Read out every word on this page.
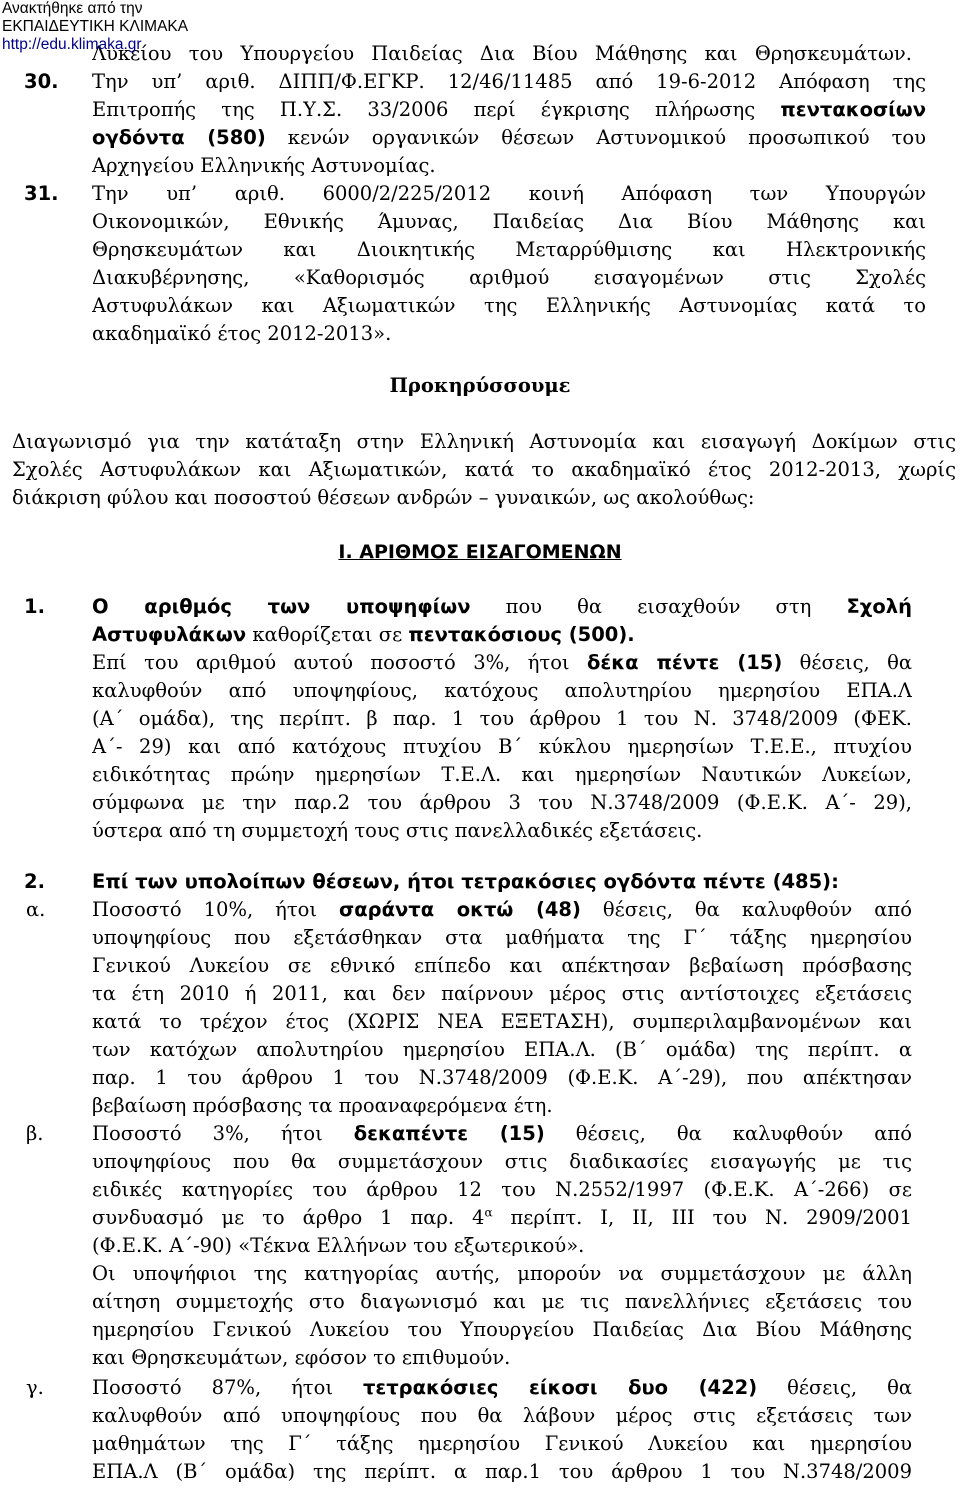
Ανακτήθηκε από την
ΕΚΠΑΙΔΕΥΤΙΚΗ ΚΛΙΜΑΚΑ
http://edu.klimaka.gr
Λυκείου του Υπουργείου Παιδείας Δια Βίου Μάθησης και Θρησκευμάτων.
30. Την υπ’ αριθ. ΔΙΠΠ/Φ.ΕΓΚΡ. 12/46/11485 από 19-6-2012 Απόφαση της
Επιτροπής της Π.Υ.Σ. 33/2006 περί έγκρισης πλήρωσης πεντακοσίων
ογδόντα (580) κενών οργανικών θέσεων Αστυνομικού προσωπικού του
Αρχηγείου Ελληνικής Αστυνομίας.
31. Την υπ’ αριθ. 6000/2/225/2012 κοινή Απόφαση των Υπουργών
Οικονομικών, Εθνικής Άμυνας, Παιδείας Δια Βίου Μάθησης και
Θρησκευμάτων και Διοικητικής Μεταρρύθμισης και Ηλεκτρονικής
Διακυβέρνησης, «Καθορισμός αριθμού εισαγομένων στις Σχολές
Αστυφυλάκων και Αξιωματικών της Ελληνικής Αστυνομίας κατά το
ακαδημαϊκό έτος 2012-2013».
Προκηρύσσουμε
Διαγωνισμό για την κατάταξη στην Ελληνική Αστυνομία και εισαγωγή Δοκίμων στις
Σχολές Αστυφυλάκων και Αξιωματικών, κατά το ακαδημαϊκό έτος 2012-2013, χωρίς
διάκριση φύλου και ποσοστού θέσεων ανδρών – γυναικών, ως ακολούθως:
Ι. ΑΡΙΘΜΟΣ ΕΙΣΑΓΟΜΕΝΩΝ
1. Ο αριθμός των υποψηφίων που θα εισαχθούν στη Σχολή
Αστυφυλάκων καθορίζεται σε πεντακόσιους (500).
Επί του αριθμού αυτού ποσοστό 3%, ήτοι δέκα πέντε (15) θέσεις, θα
καλυφθούν από υποψηφίους, κατόχους απολυτηρίου ημερησίου ΕΠΑ.Λ
(Α΄ ομάδα), της περίπτ. β παρ. 1 του άρθρου 1 του Ν. 3748/2009 (ΦΕΚ.
Α΄- 29) και από κατόχους πτυχίου Β΄ κύκλου ημερησίων Τ.Ε.Ε., πτυχίου
ειδικότητας πρώην ημερησίων Τ.Ε.Λ. και ημερησίων Ναυτικών Λυκείων,
σύμφωνα με την παρ.2 του άρθρου 3 του Ν.3748/2009 (Φ.Ε.Κ. Α΄- 29),
ύστερα από τη συμμετοχή τους στις πανελλαδικές εξετάσεις.
2. Επί των υπολοίπων θέσεων, ήτοι τετρακόσιες ογδόντα πέντε (485):
α. Ποσοστό 10%, ήτοι σαράντα οκτώ (48) θέσεις, θα καλυφθούν από
υποψηφίους που εξετάσθηκαν στα μαθήματα της Γ΄ τάξης ημερησίου
Γενικού Λυκείου σε εθνικό επίπεδο και απέκτησαν βεβαίωση πρόσβασης
τα έτη 2010 ή 2011, και δεν παίρνουν μέρος στις αντίστοιχες εξετάσεις
κατά το τρέχον έτος (ΧΩΡΙΣ ΝΕΑ ΕΞΕΤΑΣΗ), συμπεριλαμβανομένων και
των κατόχων απολυτηρίου ημερησίου ΕΠΑ.Λ. (Β΄ ομάδα) της περίπτ. α
παρ. 1 του άρθρου 1 του Ν.3748/2009 (Φ.Ε.Κ. Α΄-29), που απέκτησαν
βεβαίωση πρόσβασης τα προαναφερόμενα έτη.
β. Ποσοστό 3%, ήτοι δεκαπέντε (15) θέσεις, θα καλυφθούν από
υποψηφίους που θα συμμετάσχουν στις διαδικασίες εισαγωγής με τις
ειδικές κατηγορίες του άρθρου 12 του Ν.2552/1997 (Φ.Ε.Κ. Α΄-266) σε
συνδυασμό με το άρθρο 1 παρ. $4^\alpha$ περίπτ. Ι, ΙΙ, ΙΙΙ του Ν. 2909/2001
(Φ.Ε.Κ. Α΄-90) «Τέκνα Ελλήνων του εξωτερικού».
Οι υποψήφιοι της κατηγορίας αυτής, μπορούν να συμμετάσχουν με άλλη
αίτηση συμμετοχής στο διαγωνισμό και με τις πανελλήνιες εξετάσεις του
ημερησίου Γενικού Λυκείου του Υπουργείου Παιδείας Δια Βίου Μάθησης
και Θρησκευμάτων, εφόσον το επιθυμούν.
γ. Ποσοστό 87%, ήτοι τετρακόσιες είκοσι δυο (422) θέσεις, θα
καλυφθούν από υποψηφίους που θα λάβουν μέρος στις εξετάσεις των
μαθημάτων της Γ΄ τάξης ημερησίου Γενικού Λυκείου και ημερησίου
ΕΠΑ.Λ (Β΄ ομάδα) της περίπτ. α παρ.1 του άρθρου 1 του Ν.3748/2009
